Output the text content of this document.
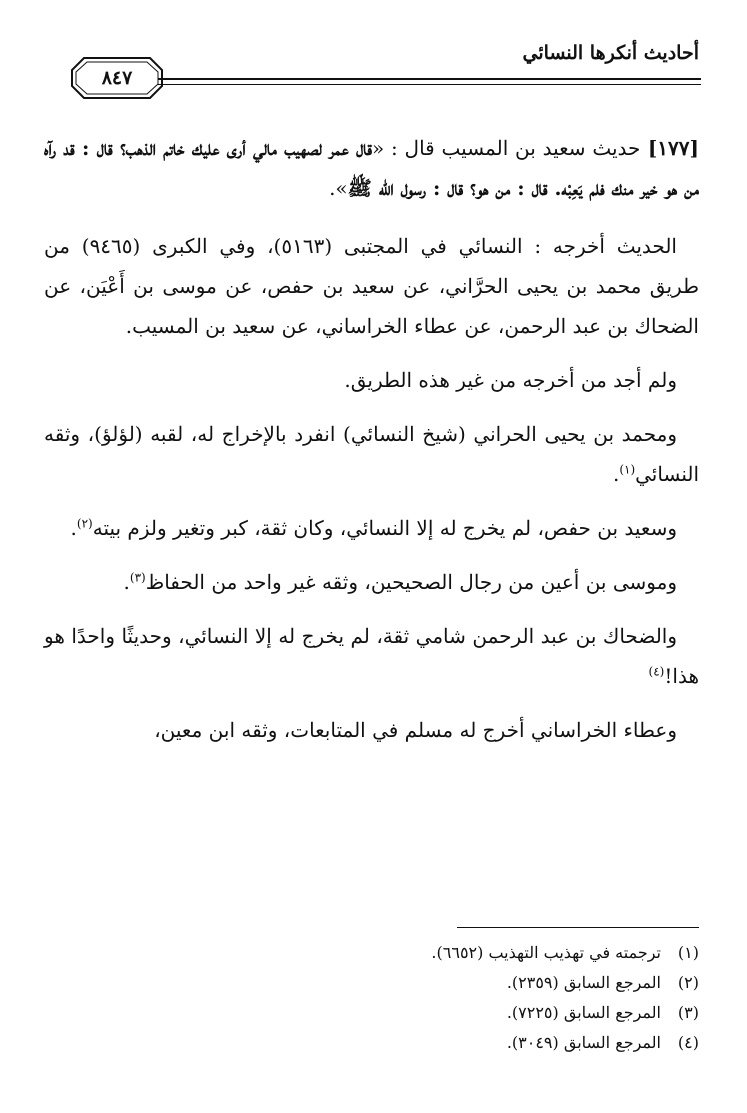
أحاديث أنكرها النسائي
٨٤٧

[١٧٧] حديث سعيد بن المسيب قال : «قال عمر لصهيب مالي أرى عليك خاتم الذهب؟ قال : قد رآه من هو خير منك فلم يَعِبْه. قال : من هو؟ قال : رسول الله ﷺ».

الحديث أخرجه : النسائي في المجتبى (٥١٦٣)، وفي الكبرى (٩٤٦٥) من طريق محمد بن يحيى الحرَّاني، عن سعيد بن حفص، عن موسى بن أَعْيَن، عن الضحاك بن عبد الرحمن، عن عطاء الخراساني، عن سعيد بن المسيب.

ولم أجد من أخرجه من غير هذه الطريق.

ومحمد بن يحيى الحراني (شيخ النسائي) انفرد بالإخراج له، لقبه (لؤلؤ)، وثقه النسائي$^{(١)}$.

وسعيد بن حفص، لم يخرج له إلا النسائي، وكان ثقة، كبر وتغير ولزم بيته$^{(٢)}$.

وموسى بن أعين من رجال الصحيحين، وثقه غير واحد من الحفاظ$^{(٣)}$.

والضحاك بن عبد الرحمن شامي ثقة، لم يخرج له إلا النسائي، وحديثًا واحدًا هو هذا!$^{(٤)}$

وعطاء الخراساني أخرج له مسلم في المتابعات، وثقه ابن معين،

(١)
ترجمته في تهذيب التهذيب (٦٦٥٢).
(٢)
المرجع السابق (٢٣٥٩).
(٣)
المرجع السابق (٧٢٢٥).
(٤)
المرجع السابق (٣٠٤٩).
